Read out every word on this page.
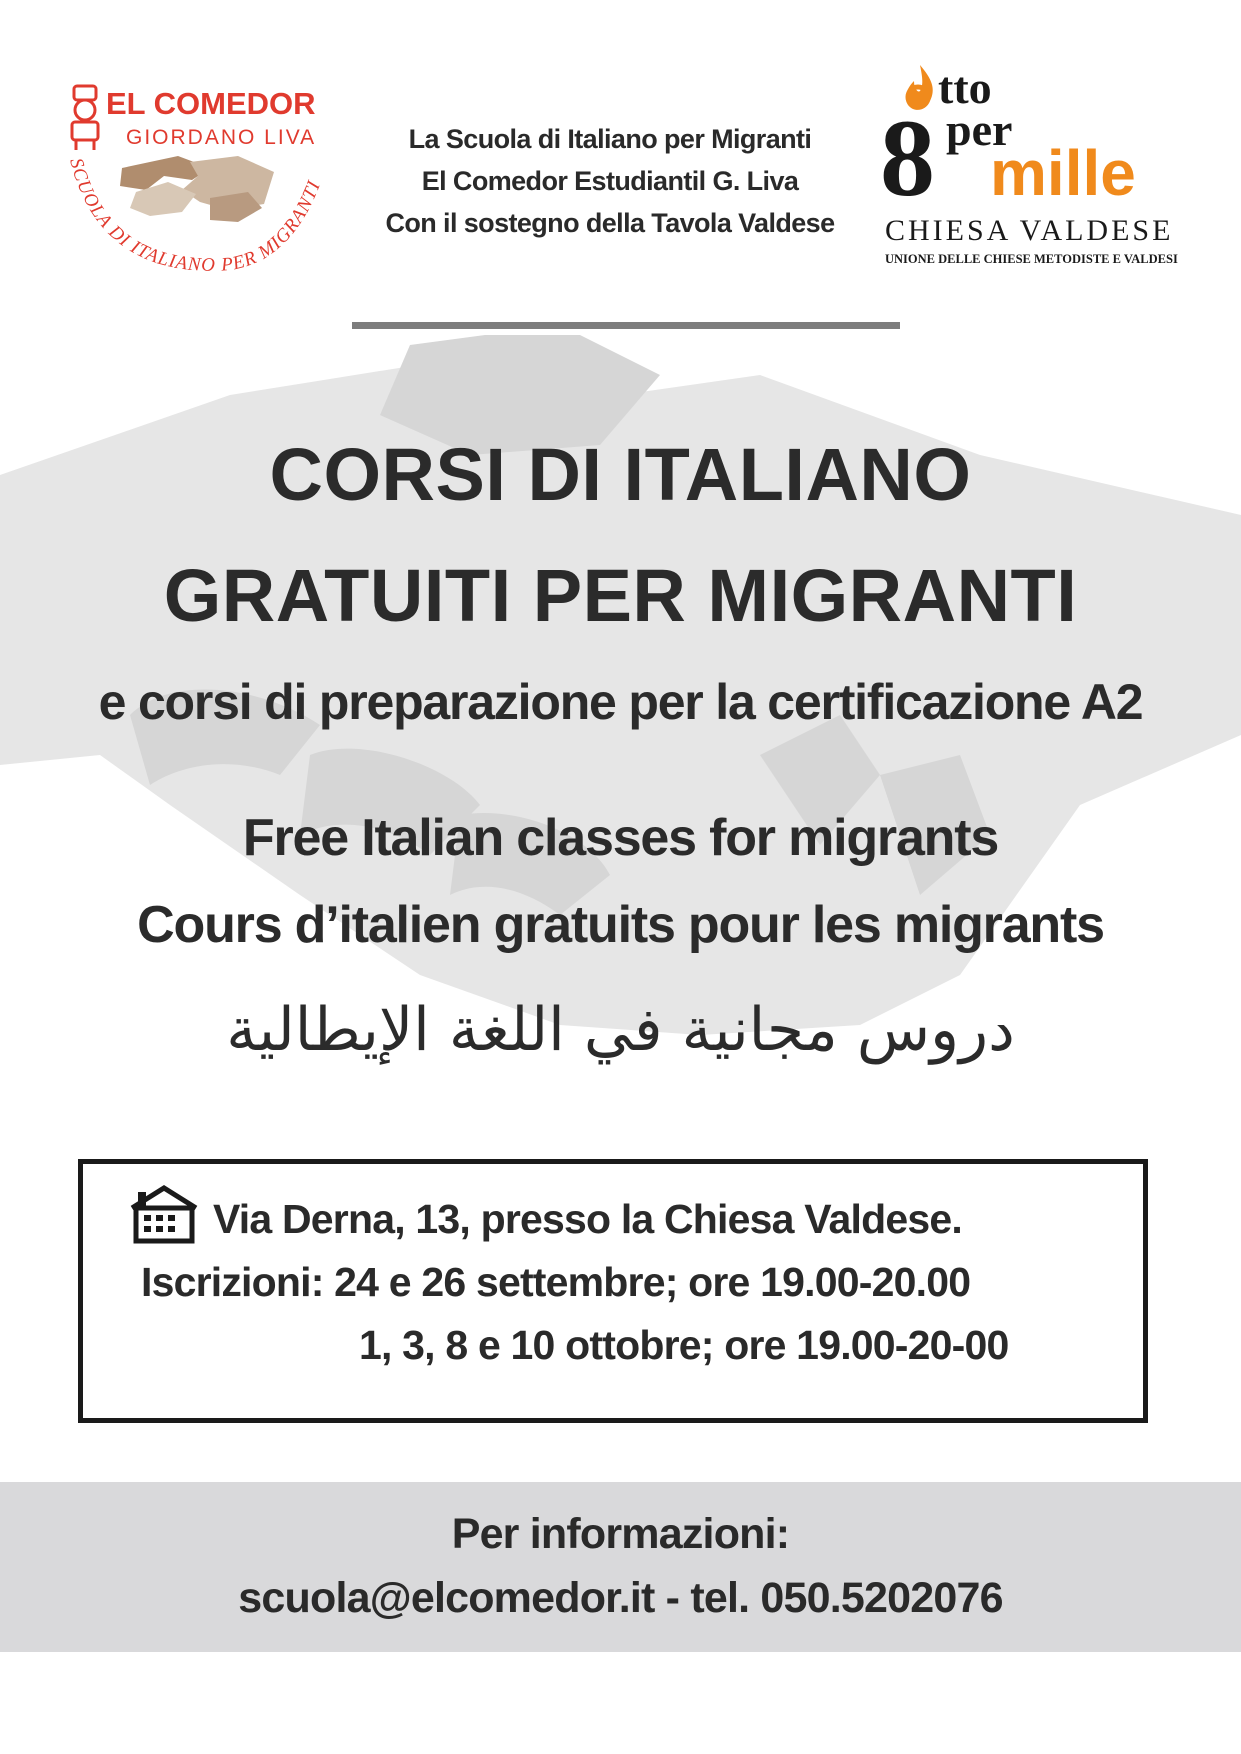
EL COMEDOR
GIORDANO LIVA
SCUOLA DI ITALIANO PER MIGRANTI
La Scuola di Italiano per Migranti
El Comedor Estudiantil G. Liva
Con il sostegno della Tavola Valdese
tto
8 per
mille
CHIESA VALDESE
UNIONE DELLE CHIESE METODISTE E VALDESI
CORSI DI ITALIANO
GRATUITI PER MIGRANTI
e corsi di preparazione per la certificazione A2
Free Italian classes for migrants
Cours d’italien gratuits pour les migrants
دروس مجانية في اللغة الإيطالية
Via Derna, 13, presso la Chiesa Valdese.
Iscrizioni: 24 e 26 settembre; ore 19.00-20.00
1, 3, 8 e 10 ottobre; ore 19.00-20-00
Per informazioni:
scuola@elcomedor.it - tel. 050.5202076
